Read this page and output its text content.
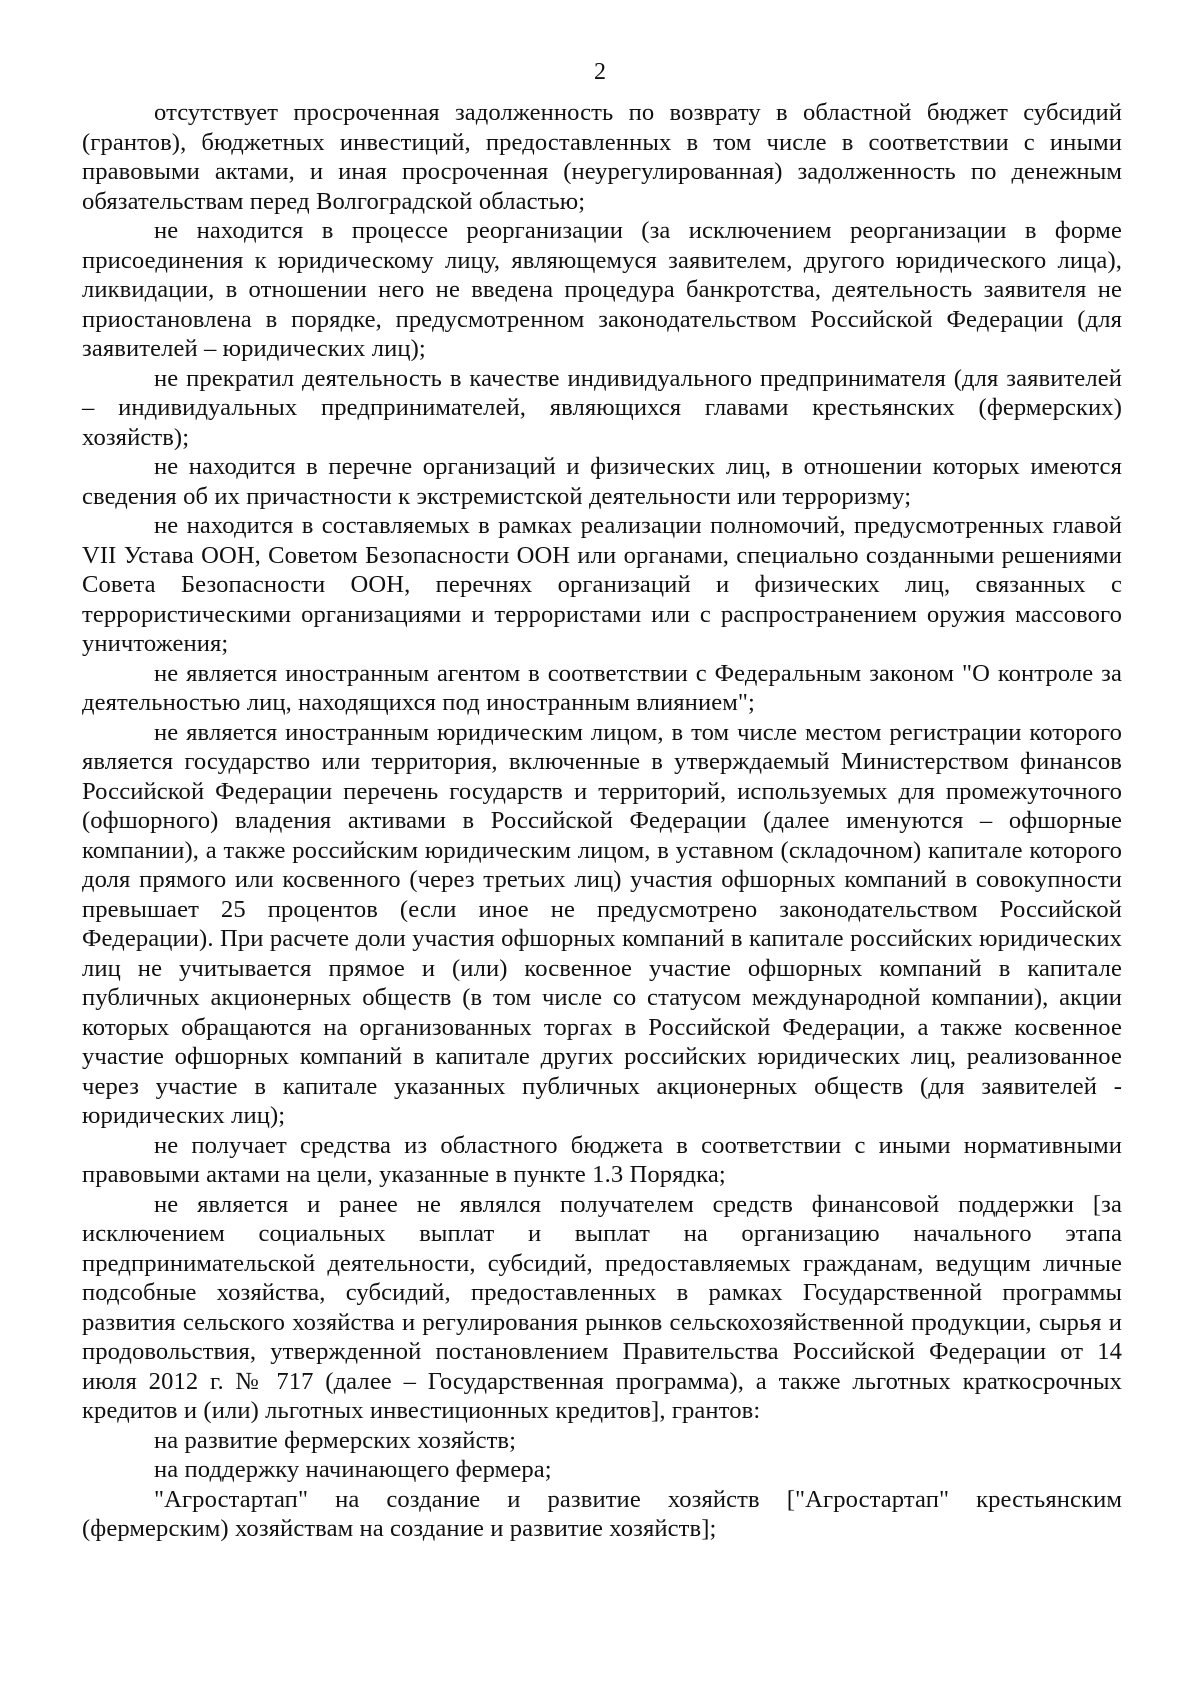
2

отсутствует просроченная задолженность по возврату в областной бюджет субсидий (грантов), бюджетных инвестиций, предоставленных в том числе в соответствии с иными правовыми актами, и иная просроченная (неурегулированная) задолженность по денежным обязательствам перед Волгоградской областью;

не находится в процессе реорганизации (за исключением реорганизации в форме присоединения к юридическому лицу, являющемуся заявителем, другого юридического лица), ликвидации, в отношении него не введена процедура банкротства, деятельность заявителя не приостановлена в порядке, предусмотренном законодательством Российской Федерации (для заявителей – юридических лиц);

не прекратил деятельность в качестве индивидуального предпринимателя (для заявителей – индивидуальных предпринимателей, являющихся главами крестьянских (фермерских) хозяйств);

не находится в перечне организаций и физических лиц, в отношении которых имеются сведения об их причастности к экстремистской деятельности или терроризму;

не находится в составляемых в рамках реализации полномочий, предусмотренных главой VII Устава ООН, Советом Безопасности ООН или органами, специально созданными решениями Совета Безопасности ООН, перечнях организаций и физических лиц, связанных с террористическими организациями и террористами или с распространением оружия массового уничтожения;

не является иностранным агентом в соответствии с Федеральным законом "О контроле за деятельностью лиц, находящихся под иностранным влиянием";

не является иностранным юридическим лицом, в том числе местом регистрации которого является государство или территория, включенные в утверждаемый Министерством финансов Российской Федерации перечень государств и территорий, используемых для промежуточного (офшорного) владения активами в Российской Федерации (далее именуются – офшорные компании), а также российским юридическим лицом, в уставном (складочном) капитале которого доля прямого или косвенного (через третьих лиц) участия офшорных компаний в совокупности превышает 25 процентов (если иное не предусмотрено законодательством Российской Федерации). При расчете доли участия офшорных компаний в капитале российских юридических лиц не учитывается прямое и (или) косвенное участие офшорных компаний в капитале публичных акционерных обществ (в том числе со статусом международной компании), акции которых обращаются на организованных торгах в Российской Федерации, а также косвенное участие офшорных компаний в капитале других российских юридических лиц, реализованное через участие в капитале указанных публичных акционерных обществ (для заявителей - юридических лиц);

не получает средства из областного бюджета в соответствии с иными нормативными правовыми актами на цели, указанные в пункте 1.3 Порядка;

не является и ранее не являлся получателем средств финансовой поддержки [за исключением социальных выплат и выплат на организацию начального этапа предпринимательской деятельности, субсидий, предоставляемых гражданам, ведущим личные подсобные хозяйства, субсидий, предоставленных в рамках Государственной программы развития сельского хозяйства и регулирования рынков сельскохозяйственной продукции, сырья и продовольствия, утвержденной постановлением Правительства Российской Федерации от 14 июля 2012 г. № 717 (далее – Государственная программа), а также льготных краткосрочных кредитов и (или) льготных инвестиционных кредитов], грантов:

на развитие фермерских хозяйств;

на поддержку начинающего фермера;

"Агростартап" на создание и развитие хозяйств ["Агростартап" крестьянским (фермерским) хозяйствам на создание и развитие хозяйств];
